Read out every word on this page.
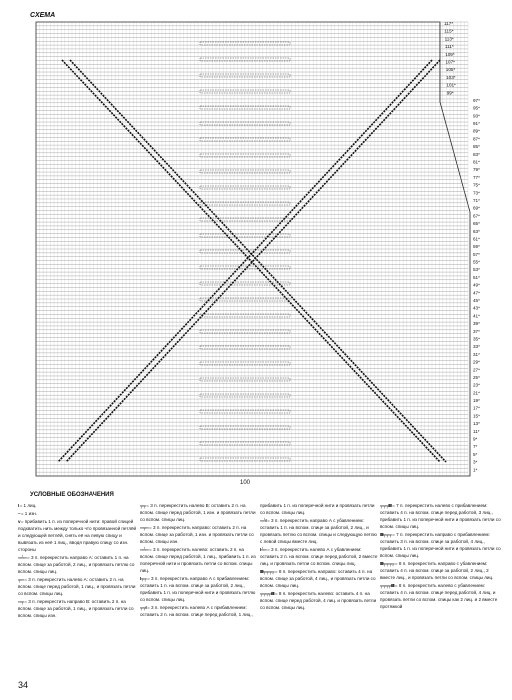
СХЕМА
117*
115*
113*
111*
109*
107*
105*
103*
101*
99*
97*
95*
93*
91*
89*
87*
85*
83*
81*
79*
77*
75*
73*
71*
69*
67*
65*
63*
61*
59*
57*
55*
53*
51*
49*
47*
45*
43*
41*
39*
37*
35*
33*
31*
29*
27*
25*
23*
21*
19*
17*
15*
13*
11*
9*
7*
5*
3*
1*
100
УСЛОВНЫЕ ОБОЗНАЧЕНИЯ

I = 1 лиц.

– = 1 изн.

v = прибавить 1 п. из поперечной нити: правой спицей подхватить нить между только что провязанной петлёй и следующей петлёй, снять её на левую спицу и вывязать из неё 1 лиц., вводя правую спицу со изн. стороны

═╧═ = 3 п. перекрестить направо А: оставить 1 п. на вспом. спице за работой, 2 лиц., и провязать петлю со вспом. спицы лиц.

╤═ = 3 п. перекрестить налево А: оставить 2 п. на вспом. спице перед работой, 1 лиц., и провязать петли со вспом. спицы лиц.

═╤ = 3 п. перекрестить направо В: оставить 2 п. на вспом. спице за работой, 1 лиц., и провязать петли со вспом. спицы изн.

╤╤ = 3 п. перекрестить налево В: оставить 2 п. на вспом. спице перед работой, 1 изн. и провязать петли со вспом. спицы лиц.

═╤═ = 3 п. перекрестить направо: оставить 2 п. на вспом. спице за работой, 1 изн. и провязать петли со вспом. спицы изн.

═╧═ = 3 п. перекрестить налево: оставить 2 п. на вспом. спице перед работой, 1 лиц., прибавить 1 п. из поперечной нити и провязать петли со вспом. спицы лиц.

I╤╤ = 3 п. перекрестить направо А с прибавлением: оставить 1 п. на вспом. спице за работой, 2 лиц., прибавить 1 п. из поперечной нити и провязать петлю со вспом. спицы лиц.

╤╤I = 3 п. перекрестить налево А с прибавлением: оставить 2 п. на вспом. спице перед работой, 1 лиц.,

прибавить 1 п. из поперечной нити и провязать петли со вспом. спицы лиц.

═╧I = 3 п. перекрестить направо А с убавлением: оставить 1 п. на вспом. спице за работой, 2 лиц., и провязать петлю со вспом. спицы и следующую петлю с левой спицы вместе лиц.

I╧═ = 3 п. перекрестить налево А с убавлением: оставить 2 п. на вспом. спице перед работой, 2 вместе лиц. и провязать петли со вспом. спицы лиц.

IIII╤╤╤╤ = 8 п. перекрестить направо: оставить 4 п. на вспом. спице за работой, 4 лиц., и провязать петли со вспом. спицы лиц.

╤╤╤╤IIII = 8 п. перекрестить налево: оставить 4 п. на вспом. спице перед работой, 4 лиц. и провязать петли со вспом. спицы лиц.

╤╤╤IIII = 7 п. перекрестить налево с прибавлением: оставить 4 п. на вспом. спице перед работой, 3 лиц., прибавить 1 п. из поперечной нити и провязать петли со вспом. спицы лиц.

IIII╤╤╤ = 7 п. перекрестить направо с прибавлением: оставить 3 п. на вспом. спице за работой, 4 лиц., прибавить 1 п. из поперечной нити и провязать петли со вспом. спицы лиц.

IIII╤╤╤╤ = 8 п. перекрестить направо с убавлением: оставить 4 п. на вспом. спице за работой, 2 лиц., 2 вместе лиц., и провязать петли со вспом. спицы лиц.

╤╤╤╤IIII = 8 п. перекрестить налево с убавлением: оставить 4 п. на вспом. спице перед работой, 4 лиц. и провязать петли со вспом. спицы как 2 лиц. и 2 вместе протяжкой

34
